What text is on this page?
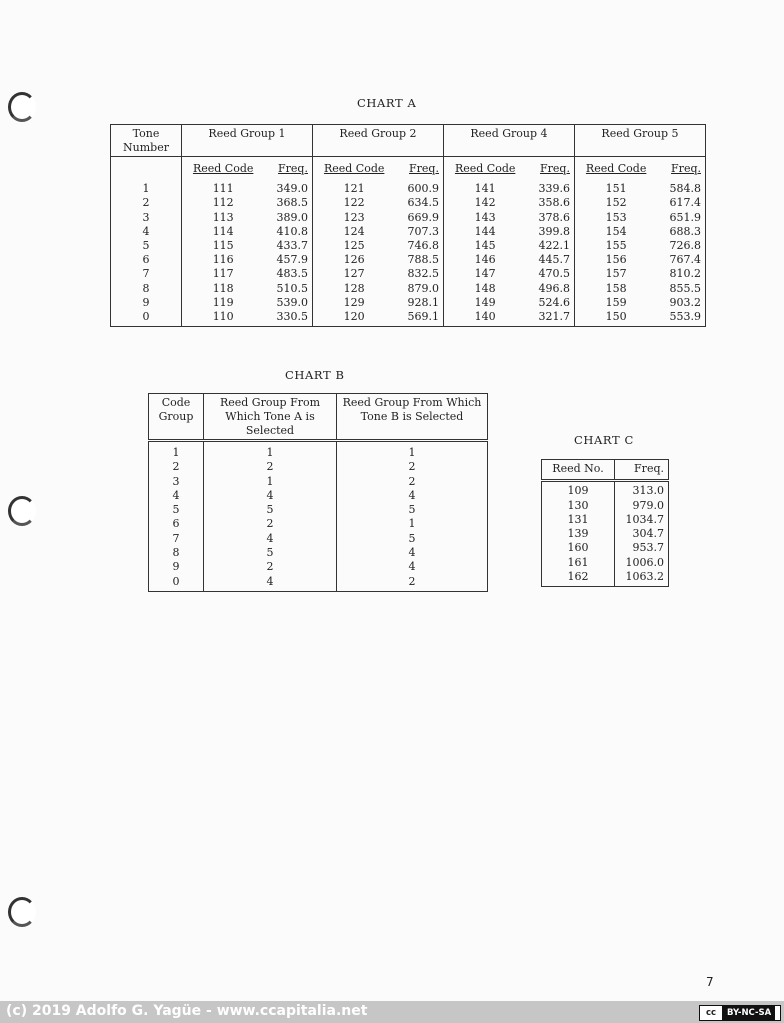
CHART A
Tone Number	Reed Group 1		Reed Group 2		Reed Group 4		Reed Group 5	
	Reed Code	Freq.	Reed Code	Freq.	Reed Code	Freq.	Reed Code	Freq.
1	111	349.0	121	600.9	141	339.6	151	584.8
2	112	368.5	122	634.5	142	358.6	152	617.4
3	113	389.0	123	669.9	143	378.6	153	651.9
4	114	410.8	124	707.3	144	399.8	154	688.3
5	115	433.7	125	746.8	145	422.1	155	726.8
6	116	457.9	126	788.5	146	445.7	156	767.4
7	117	483.5	127	832.5	147	470.5	157	810.2
8	118	510.5	128	879.0	148	496.8	158	855.5
9	119	539.0	129	928.1	149	524.6	159	903.2
0	110	330.5	120	569.1	140	321.7	150	553.9
CHART B
Code Group	Reed Group From Which Tone A is Selected	Reed Group From Which Tone B is Selected

1	1	1
2	2	2
3	1	2
4	4	4
5	5	5
6	2	1
7	4	5
8	5	4
9	2	4
0	4	2
CHART C
Reed No.	Freq.

109	313.0
130	979.0
131	1034.7
139	304.7
160	953.7
161	1006.0
162	1063.2
7
(c) 2019 Adolfo G. Yagüe - www.ccapitalia.net	cc BY-NC-SA
